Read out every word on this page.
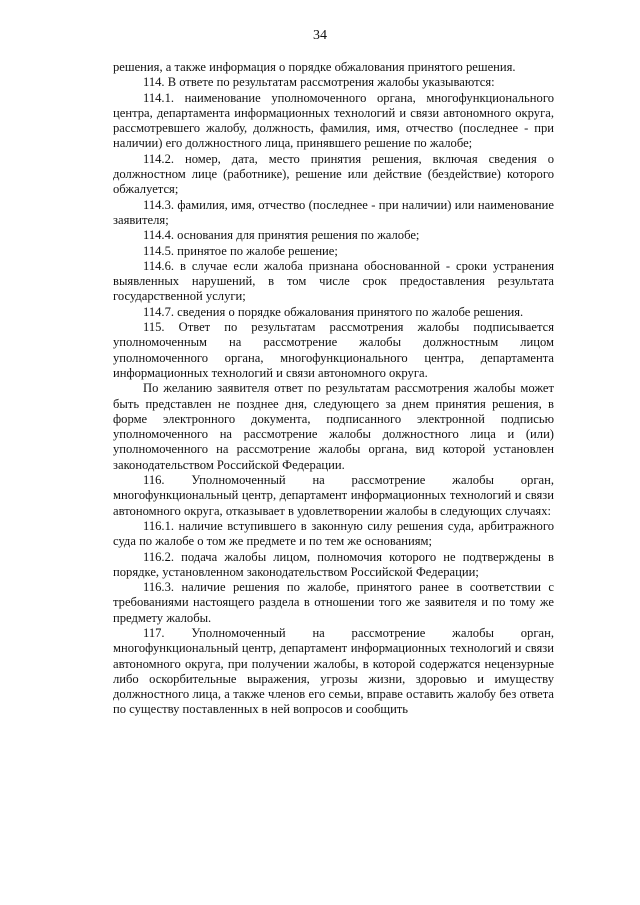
34

решения, а также информация о порядке обжалования принятого решения.

114. В ответе по результатам рассмотрения жалобы указываются:

114.1. наименование уполномоченного органа, многофункционального центра, департамента информационных технологий и связи автономного округа, рассмотревшего жалобу, должность, фамилия, имя, отчество (последнее - при наличии) его должностного лица, принявшего решение по жалобе;

114.2. номер, дата, место принятия решения, включая сведения о должностном лице (работнике), решение или действие (бездействие) которого обжалуется;

114.3. фамилия, имя, отчество (последнее - при наличии) или наименование заявителя;

114.4. основания для принятия решения по жалобе;

114.5. принятое по жалобе решение;

114.6. в случае если жалоба признана обоснованной - сроки устранения выявленных нарушений, в том числе срок предоставления результата государственной услуги;

114.7. сведения о порядке обжалования принятого по жалобе решения.

115. Ответ по результатам рассмотрения жалобы подписывается уполномоченным на рассмотрение жалобы должностным лицом уполномоченного органа, многофункционального центра, департамента информационных технологий и связи автономного округа.

По желанию заявителя ответ по результатам рассмотрения жалобы может быть представлен не позднее дня, следующего за днем принятия решения, в форме электронного документа, подписанного электронной подписью уполномоченного на рассмотрение жалобы должностного лица и (или) уполномоченного на рассмотрение жалобы органа, вид которой установлен законодательством Российской Федерации.

116. Уполномоченный на рассмотрение жалобы орган, многофункциональный центр, департамент информационных технологий и связи автономного округа, отказывает в удовлетворении жалобы в следующих случаях:

116.1. наличие вступившего в законную силу решения суда, арбитражного суда по жалобе о том же предмете и по тем же основаниям;

116.2. подача жалобы лицом, полномочия которого не подтверждены в порядке, установленном законодательством Российской Федерации;

116.3. наличие решения по жалобе, принятого ранее в соответствии с требованиями настоящего раздела в отношении того же заявителя и по тому же предмету жалобы.

117. Уполномоченный на рассмотрение жалобы орган, многофункциональный центр, департамент информационных технологий и связи автономного округа, при получении жалобы, в которой содержатся нецензурные либо оскорбительные выражения, угрозы жизни, здоровью и имуществу должностного лица, а также членов его семьи, вправе оставить жалобу без ответа по существу поставленных в ней вопросов и сообщить
